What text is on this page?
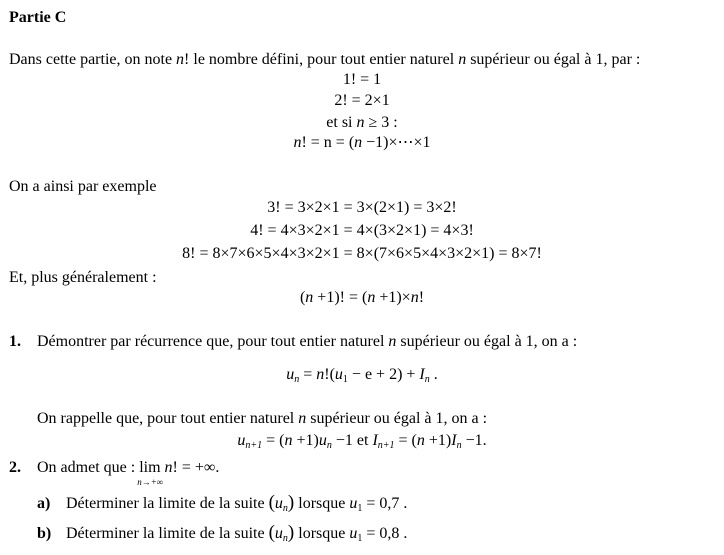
Partie C
Dans cette partie, on note n! le nombre défini, pour tout entier naturel n supérieur ou égal à 1, par :
1! = 1
2! = 2×1
et si n ≥ 3 :
n! = n = (n −1)×⋯×1
On a ainsi par exemple
3! = 3×2×1 = 3×(2×1) = 3×2!
4! = 4×3×2×1 = 4×(3×2×1) = 4×3!
8! = 8×7×6×5×4×3×2×1 = 8×(7×6×5×4×3×2×1) = 8×7!
Et, plus généralement :
(n +1)! = (n +1)×n!
1. Démontrer par récurrence que, pour tout entier naturel n supérieur ou égal à 1, on a :
$u_n = n!(u_1 - e + 2) + I_n$ .
On rappelle que, pour tout entier naturel n supérieur ou égal à 1, on a :
$u_{n+1} = (n +1)u_n -1$ et $I_{n+1} = (n +1)I_n -1$.
2. On admet que : lim
n→+∞
n! = +∞.
a) Déterminer la limite de la suite $(u_n)$ lorsque $u_1 = 0,7$ .
b) Déterminer la limite de la suite $(u_n)$ lorsque $u_1 = 0,8$ .
